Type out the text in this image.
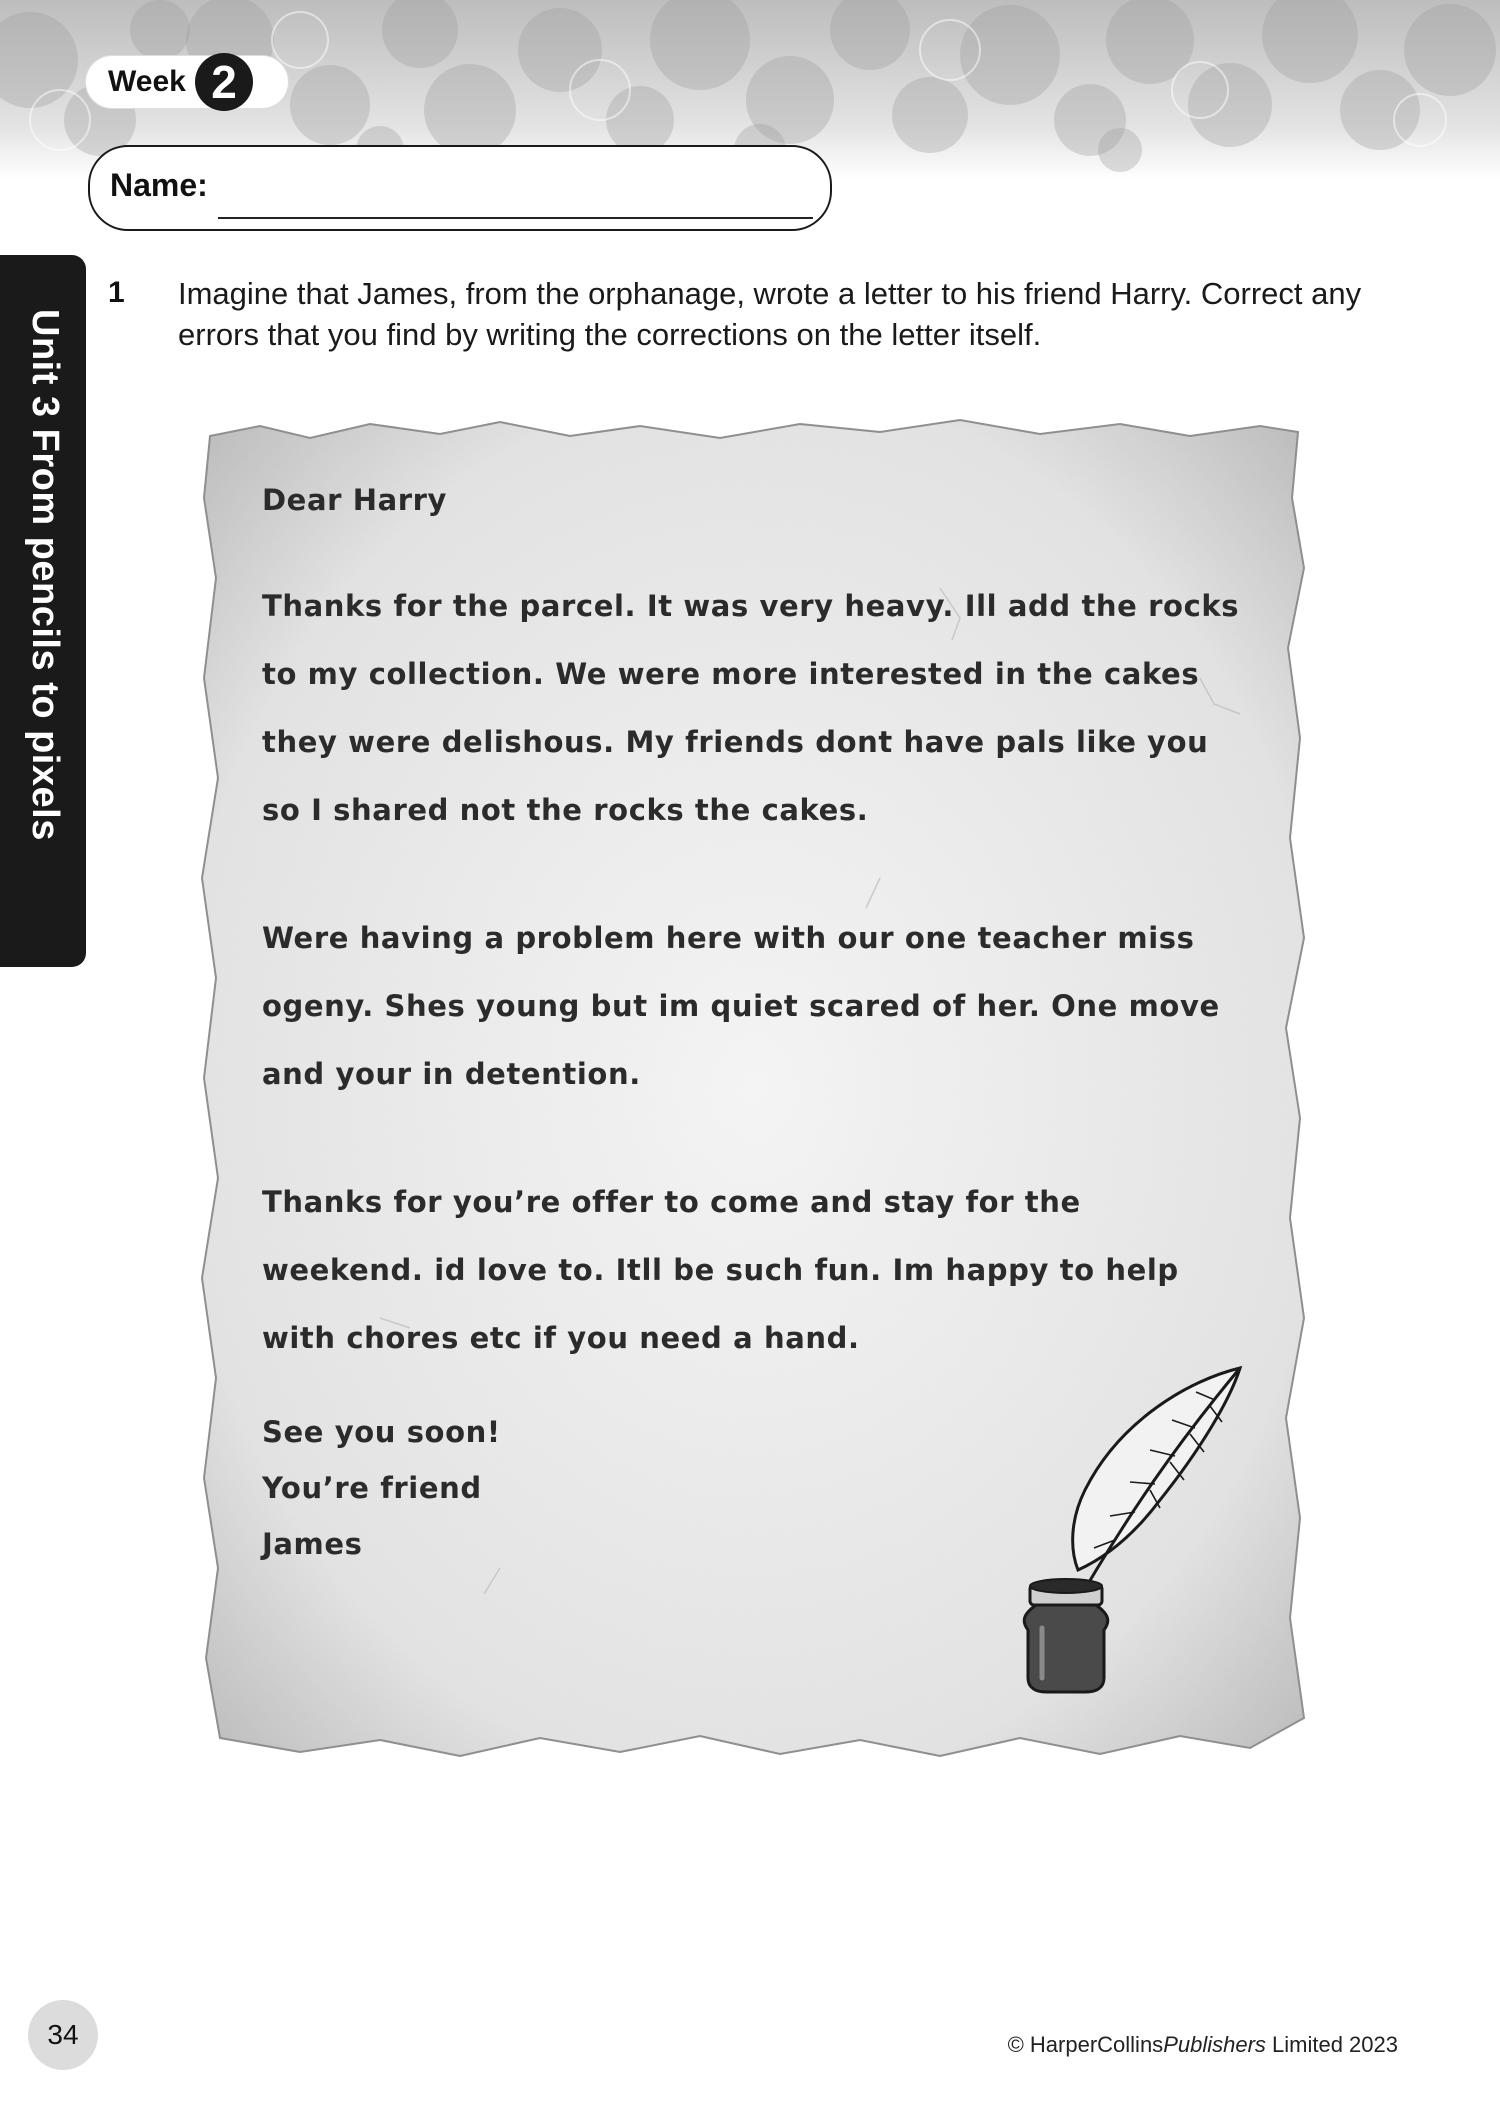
Week 2
Name:
Unit 3 From pencils to pixels
1 Imagine that James, from the orphanage, wrote a letter to his friend Harry. Correct any errors that you find by writing the corrections on the letter itself.

Dear Harry

Thanks for the parcel. It was very heavy. Ill add the rocks to my collection. We were more interested in the cakes they were delishous. My friends dont have pals like you so I shared not the rocks the cakes.

Were having a problem here with our one teacher miss ogeny. Shes young but im quiet scared of her. One move and your in detention.

Thanks for you’re offer to come and stay for the weekend. id love to. Itll be such fun. Im happy to help with chores etc if you need a hand.

See you soon!

You’re friend

James

34	© HarperCollinsPublishers Limited 2023
